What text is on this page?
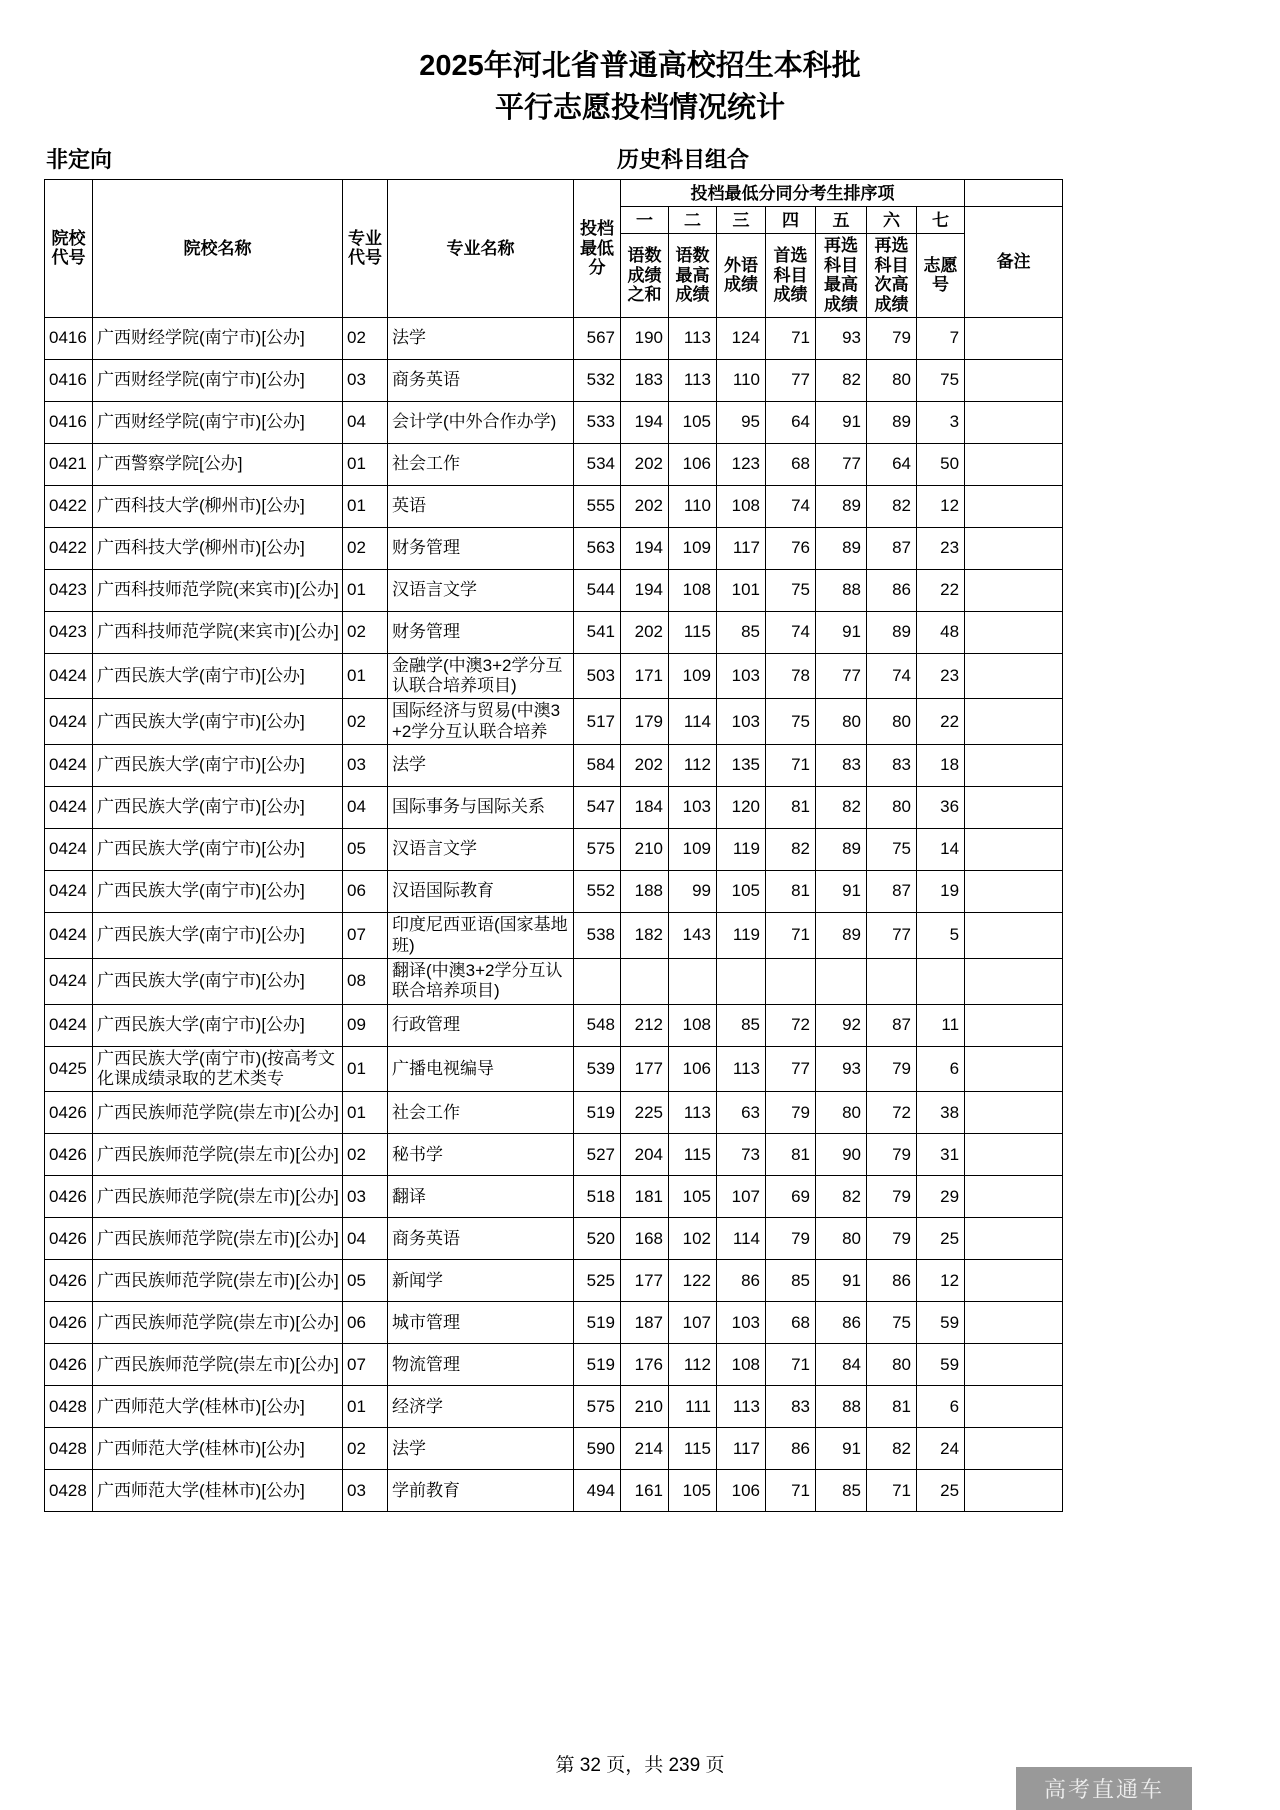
2025年河北省普通高校招生本科批
平行志愿投档情况统计
非定向	历史科目组合
院校代号	院校名称	专业代号	专业名称	投档最低分	投档最低分同分考生排序项							
					一	二	三	四	五	六	七	备注
					语数成绩之和	语数最高成绩	外语成绩	首选科目成绩	再选科目最高成绩	再选科目次高成绩	志愿号	
0416	广西财经学院(南宁市)[公办]	02	法学	567	190	113	124	71	93	79	7	
0416	广西财经学院(南宁市)[公办]	03	商务英语	532	183	113	110	77	82	80	75	
0416	广西财经学院(南宁市)[公办]	04	会计学(中外合作办学)	533	194	105	95	64	91	89	3	
0421	广西警察学院[公办]	01	社会工作	534	202	106	123	68	77	64	50	
0422	广西科技大学(柳州市)[公办]	01	英语	555	202	110	108	74	89	82	12	
0422	广西科技大学(柳州市)[公办]	02	财务管理	563	194	109	117	76	89	87	23	
0423	广西科技师范学院(来宾市)[公办]	01	汉语言文学	544	194	108	101	75	88	86	22	
0423	广西科技师范学院(来宾市)[公办]	02	财务管理	541	202	115	85	74	91	89	48	
0424	广西民族大学(南宁市)[公办]	01	金融学(中澳3+2学分互认联合培养项目)	503	171	109	103	78	77	74	23	
0424	广西民族大学(南宁市)[公办]	02	国际经济与贸易(中澳3+2学分互认联合培养	517	179	114	103	75	80	80	22	
0424	广西民族大学(南宁市)[公办]	03	法学	584	202	112	135	71	83	83	18	
0424	广西民族大学(南宁市)[公办]	04	国际事务与国际关系	547	184	103	120	81	82	80	36	
0424	广西民族大学(南宁市)[公办]	05	汉语言文学	575	210	109	119	82	89	75	14	
0424	广西民族大学(南宁市)[公办]	06	汉语国际教育	552	188	99	105	81	91	87	19	
0424	广西民族大学(南宁市)[公办]	07	印度尼西亚语(国家基地班)	538	182	143	119	71	89	77	5	
0424	广西民族大学(南宁市)[公办]	08	翻译(中澳3+2学分互认联合培养项目)									
0424	广西民族大学(南宁市)[公办]	09	行政管理	548	212	108	85	72	92	87	11	
0425	广西民族大学(南宁市)(按高考文化课成绩录取的艺术类专	01	广播电视编导	539	177	106	113	77	93	79	6	
0426	广西民族师范学院(崇左市)[公办]	01	社会工作	519	225	113	63	79	80	72	38	
0426	广西民族师范学院(崇左市)[公办]	02	秘书学	527	204	115	73	81	90	79	31	
0426	广西民族师范学院(崇左市)[公办]	03	翻译	518	181	105	107	69	82	79	29	
0426	广西民族师范学院(崇左市)[公办]	04	商务英语	520	168	102	114	79	80	79	25	
0426	广西民族师范学院(崇左市)[公办]	05	新闻学	525	177	122	86	85	91	86	12	
0426	广西民族师范学院(崇左市)[公办]	06	城市管理	519	187	107	103	68	86	75	59	
0426	广西民族师范学院(崇左市)[公办]	07	物流管理	519	176	112	108	71	84	80	59	
0428	广西师范大学(桂林市)[公办]	01	经济学	575	210	111	113	83	88	81	6	
0428	广西师范大学(桂林市)[公办]	02	法学	590	214	115	117	86	91	82	24	
0428	广西师范大学(桂林市)[公办]	03	学前教育	494	161	105	106	71	85	71	25	
第 32 页，共 239 页
高考直通车
